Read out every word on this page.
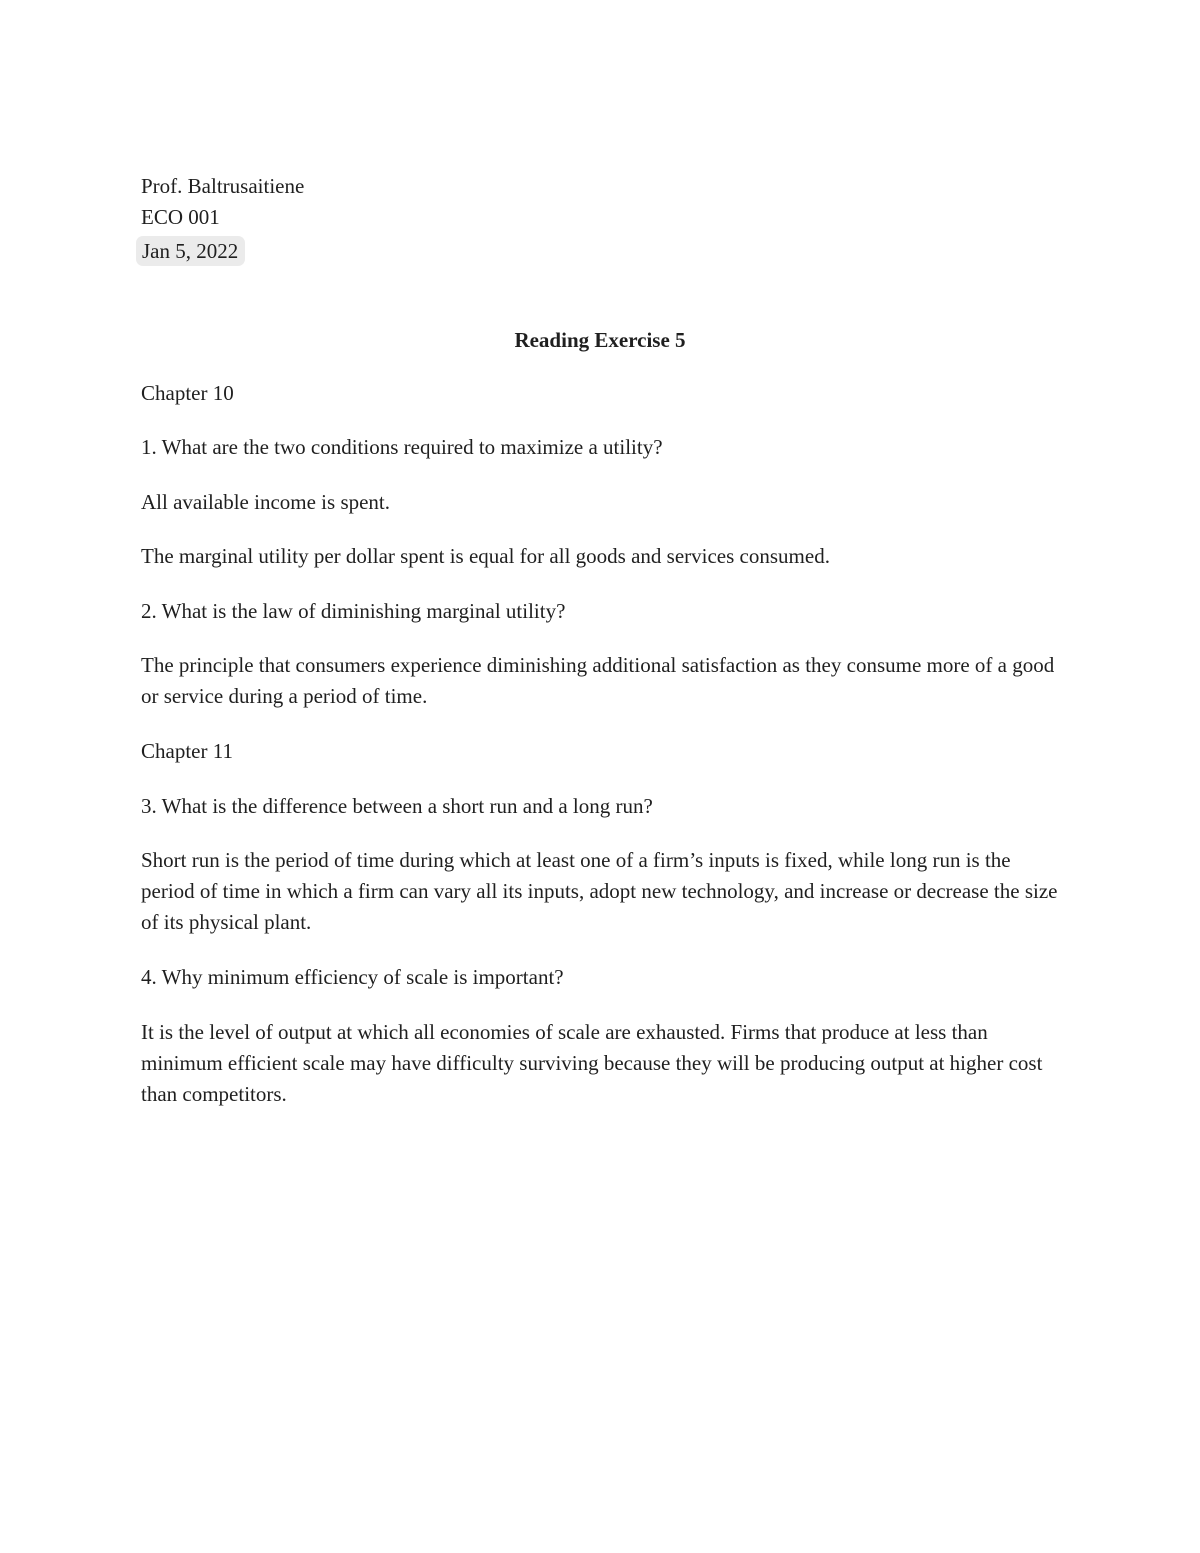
Prof. Baltrusaitiene
ECO 001
Jan 5, 2022
Reading Exercise 5

Chapter 10

1. What are the two conditions required to maximize a utility?

All available income is spent.

The marginal utility per dollar spent is equal for all goods and services consumed.

2. What is the law of diminishing marginal utility?

The principle that consumers experience diminishing additional satisfaction as they consume more of a good or service during a period of time.

Chapter 11

3. What is the difference between a short run and a long run?

Short run is the period of time during which at least one of a firm’s inputs is fixed, while long run is the period of time in which a firm can vary all its inputs, adopt new technology, and increase or decrease the size of its physical plant.

4. Why minimum efficiency of scale is important?

It is the level of output at which all economies of scale are exhausted. Firms that produce at less than minimum efficient scale may have difficulty surviving because they will be producing output at higher cost than competitors.
